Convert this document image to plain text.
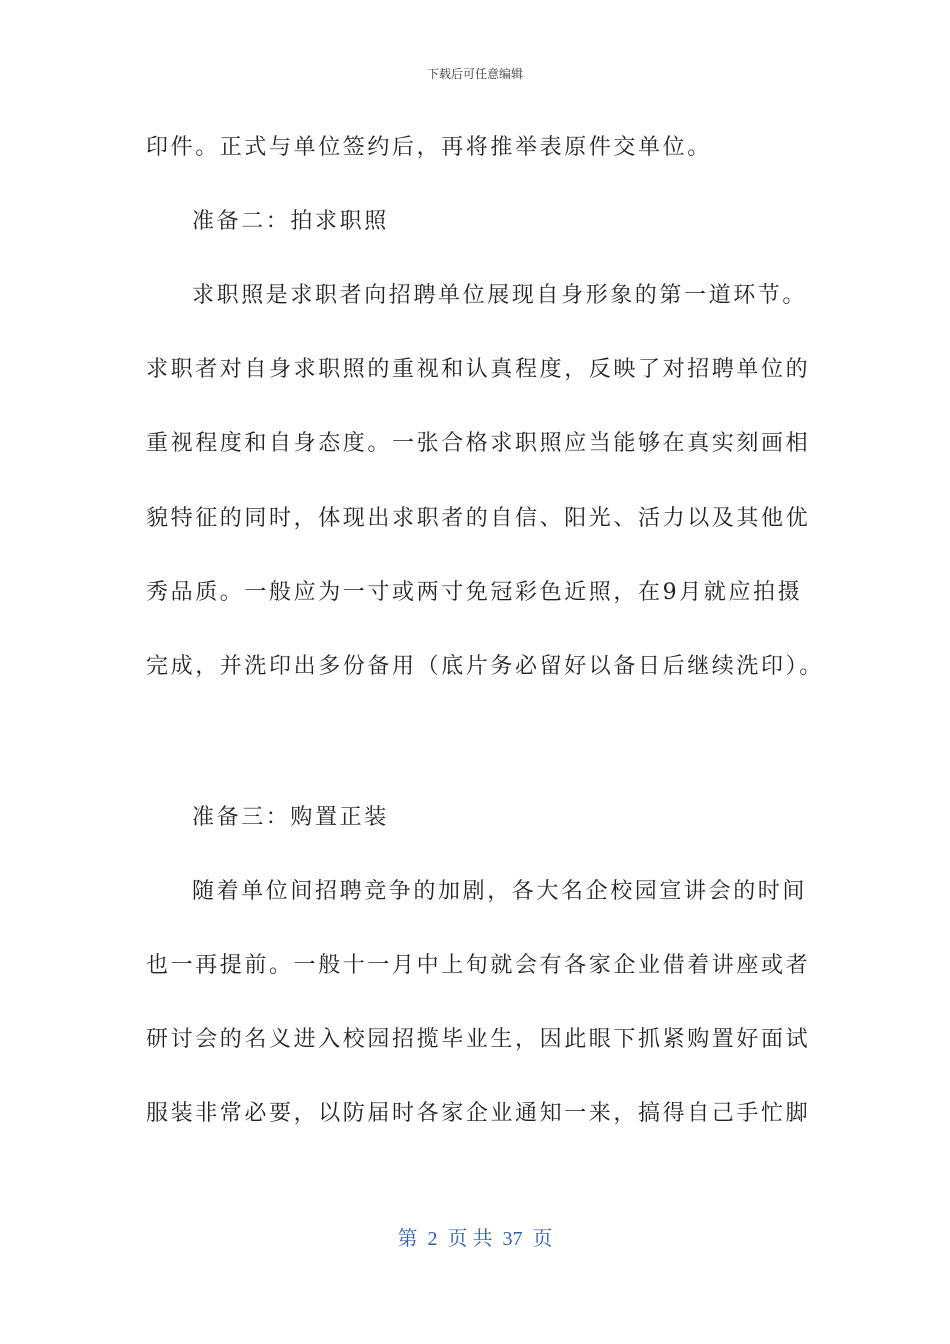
下载后可任意编辑
印件。正式与单位签约后，再将推举表原件交单位。
准备二：拍求职照
求职照是求职者向招聘单位展现自身形象的第一道环节。
求职者对自身求职照的重视和认真程度，反映了对招聘单位的
重视程度和自身态度。一张合格求职照应当能够在真实刻画相
貌特征的同时，体现出求职者的自信、阳光、活力以及其他优
秀品质。一般应为一寸或两寸免冠彩色近照，在9月就应拍摄
完成，并洗印出多份备用（底片务必留好以备日后继续洗印）。
准备三：购置正装
随着单位间招聘竞争的加剧，各大名企校园宣讲会的时间
也一再提前。一般十一月中上旬就会有各家企业借着讲座或者
研讨会的名义进入校园招揽毕业生，因此眼下抓紧购置好面试
服装非常必要，以防届时各家企业通知一来，搞得自己手忙脚
第 2 页 共 37 页
